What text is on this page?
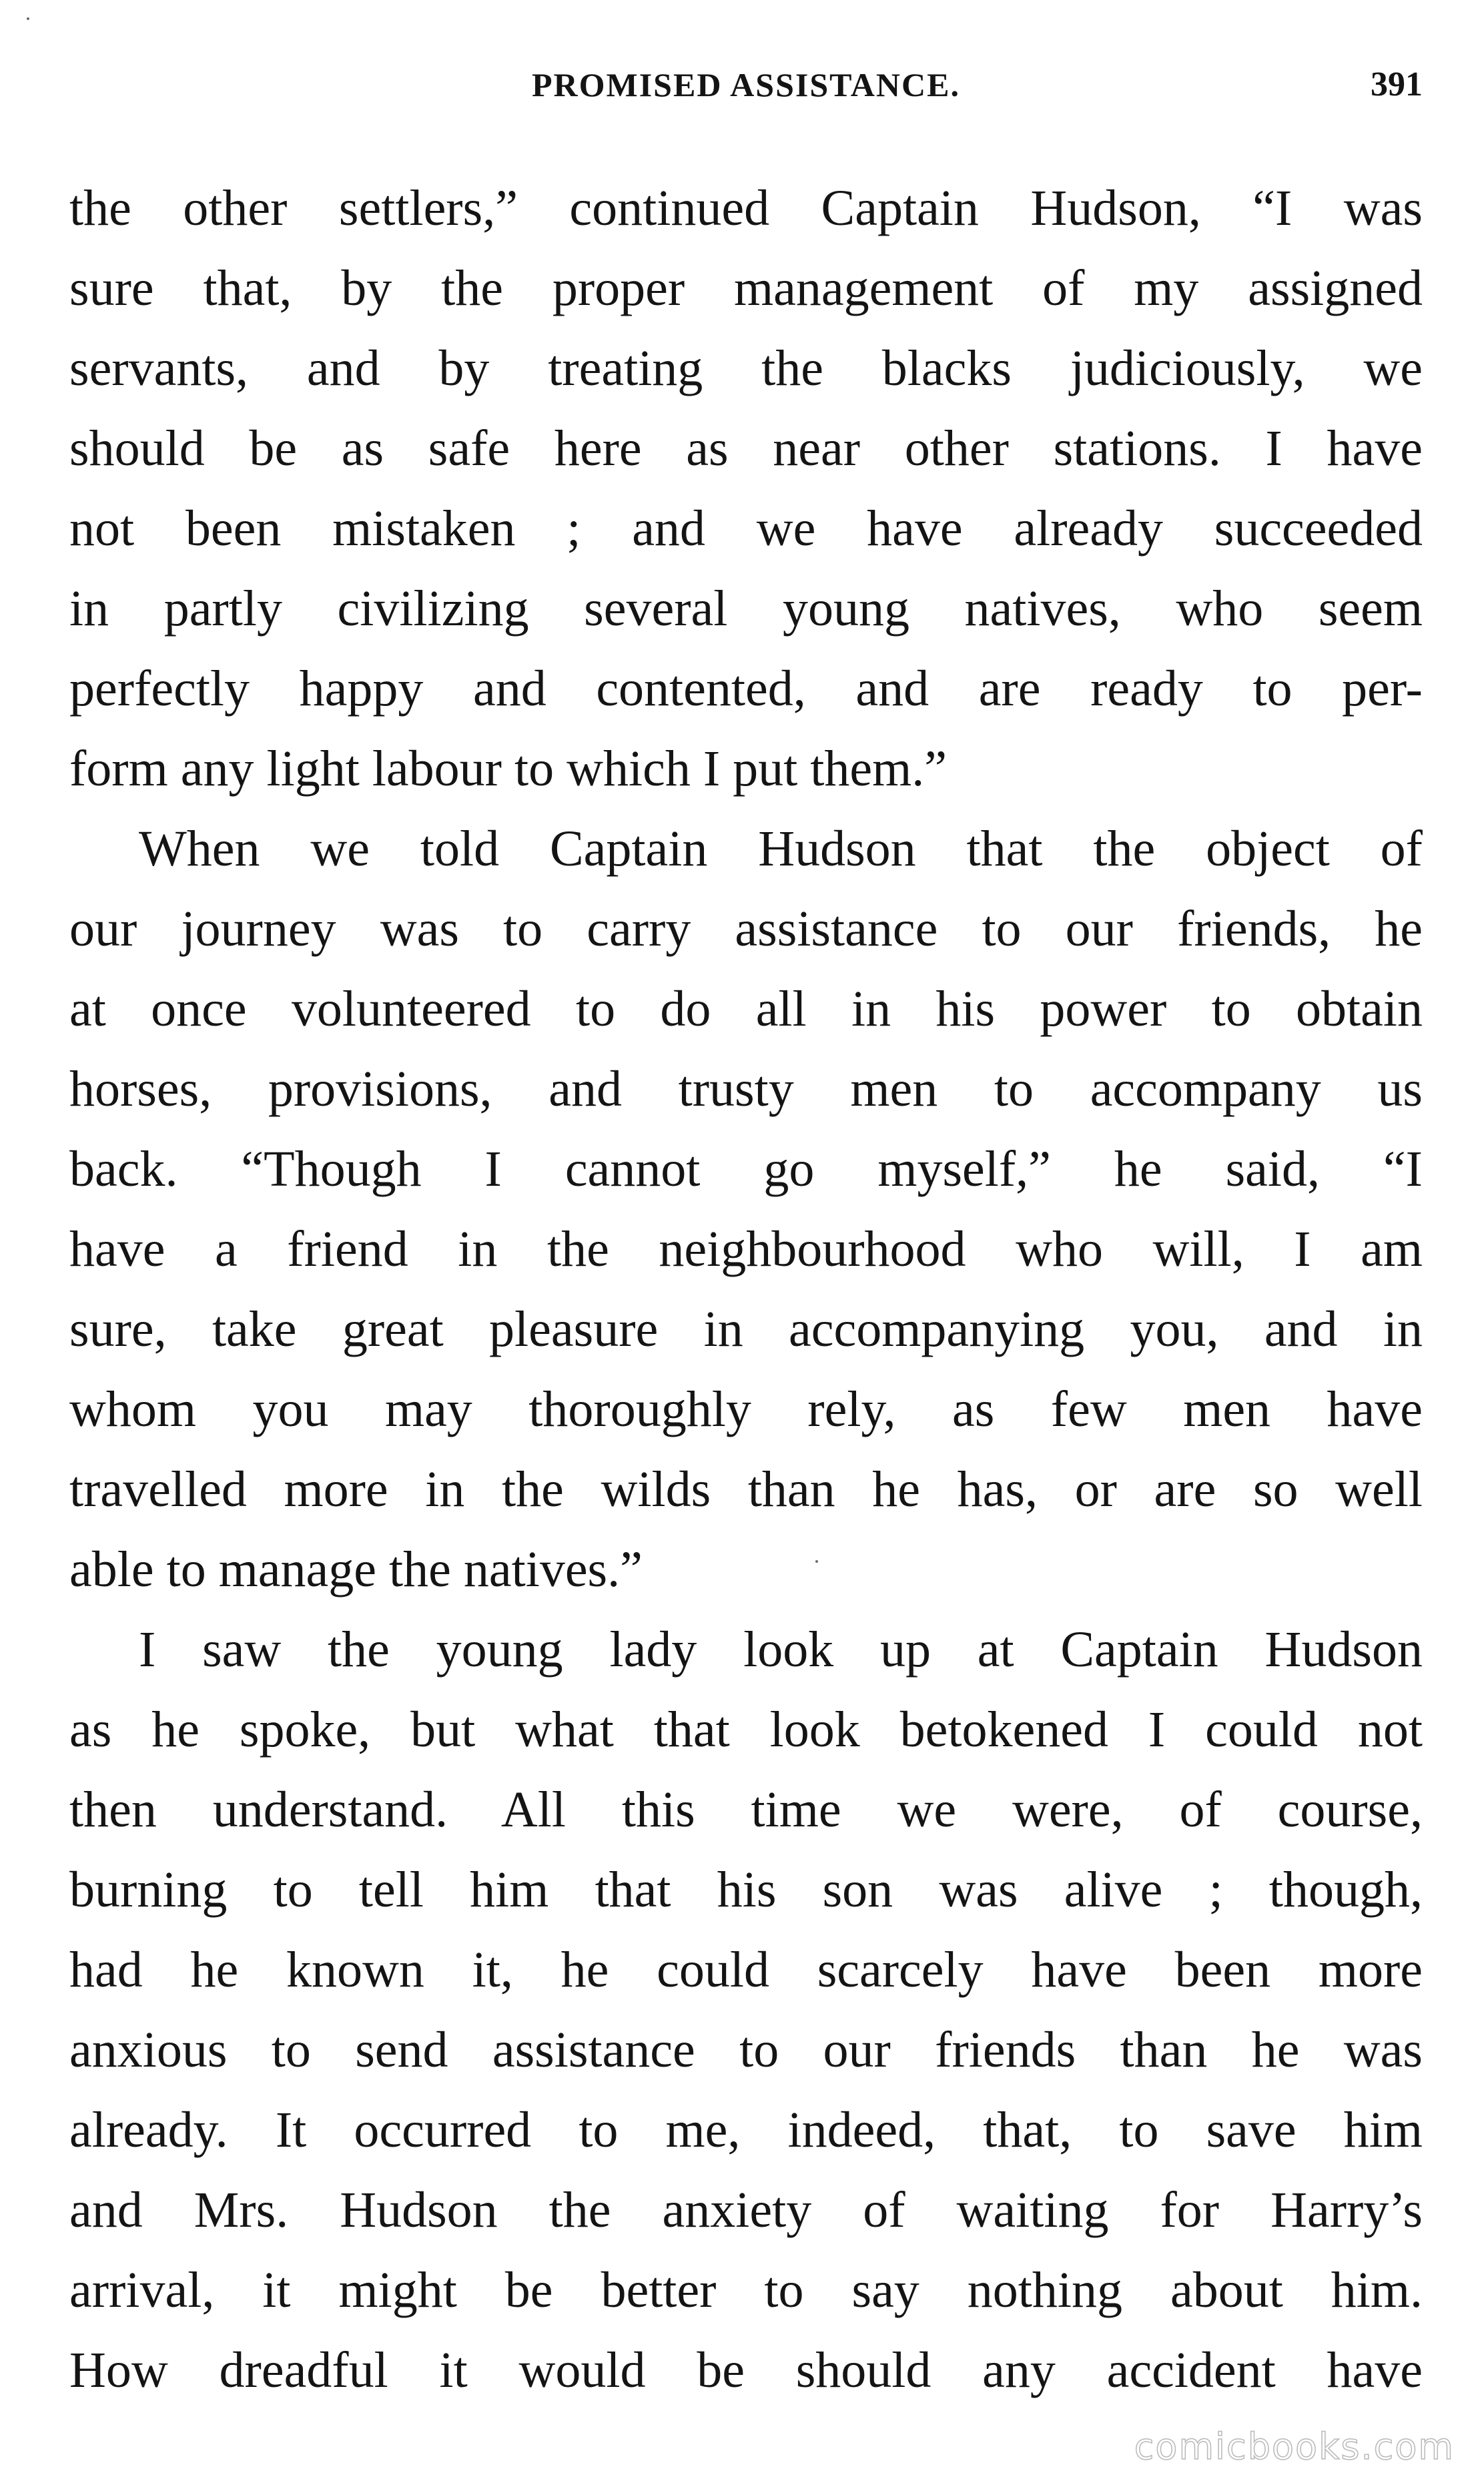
PROMISED ASSISTANCE.	391
the other settlers,” continued Captain Hudson, “I was
sure that, by the proper management of my assigned
servants, and by treating the blacks judiciously, we
should be as safe here as near other stations. I have
not been mistaken ; and we have already succeeded
in partly civilizing several young natives, who seem
perfectly happy and contented, and are ready to per-
form any light labour to which I put them.”
When we told Captain Hudson that the object of
our journey was to carry assistance to our friends, he
at once volunteered to do all in his power to obtain
horses, provisions, and trusty men to accompany us
back. “Though I cannot go myself,” he said, “I
have a friend in the neighbourhood who will, I am
sure, take great pleasure in accompanying you, and in
whom you may thoroughly rely, as few men have
travelled more in the wilds than he has, or are so well
able to manage the natives.”
I saw the young lady look up at Captain Hudson
as he spoke, but what that look betokened I could not
then understand. All this time we were, of course,
burning to tell him that his son was alive ; though,
had he known it, he could scarcely have been more
anxious to send assistance to our friends than he was
already. It occurred to me, indeed, that, to save him
and Mrs. Hudson the anxiety of waiting for Harry’s
arrival, it might be better to say nothing about him.
How dreadful it would be should any accident have
comicbooks.com
